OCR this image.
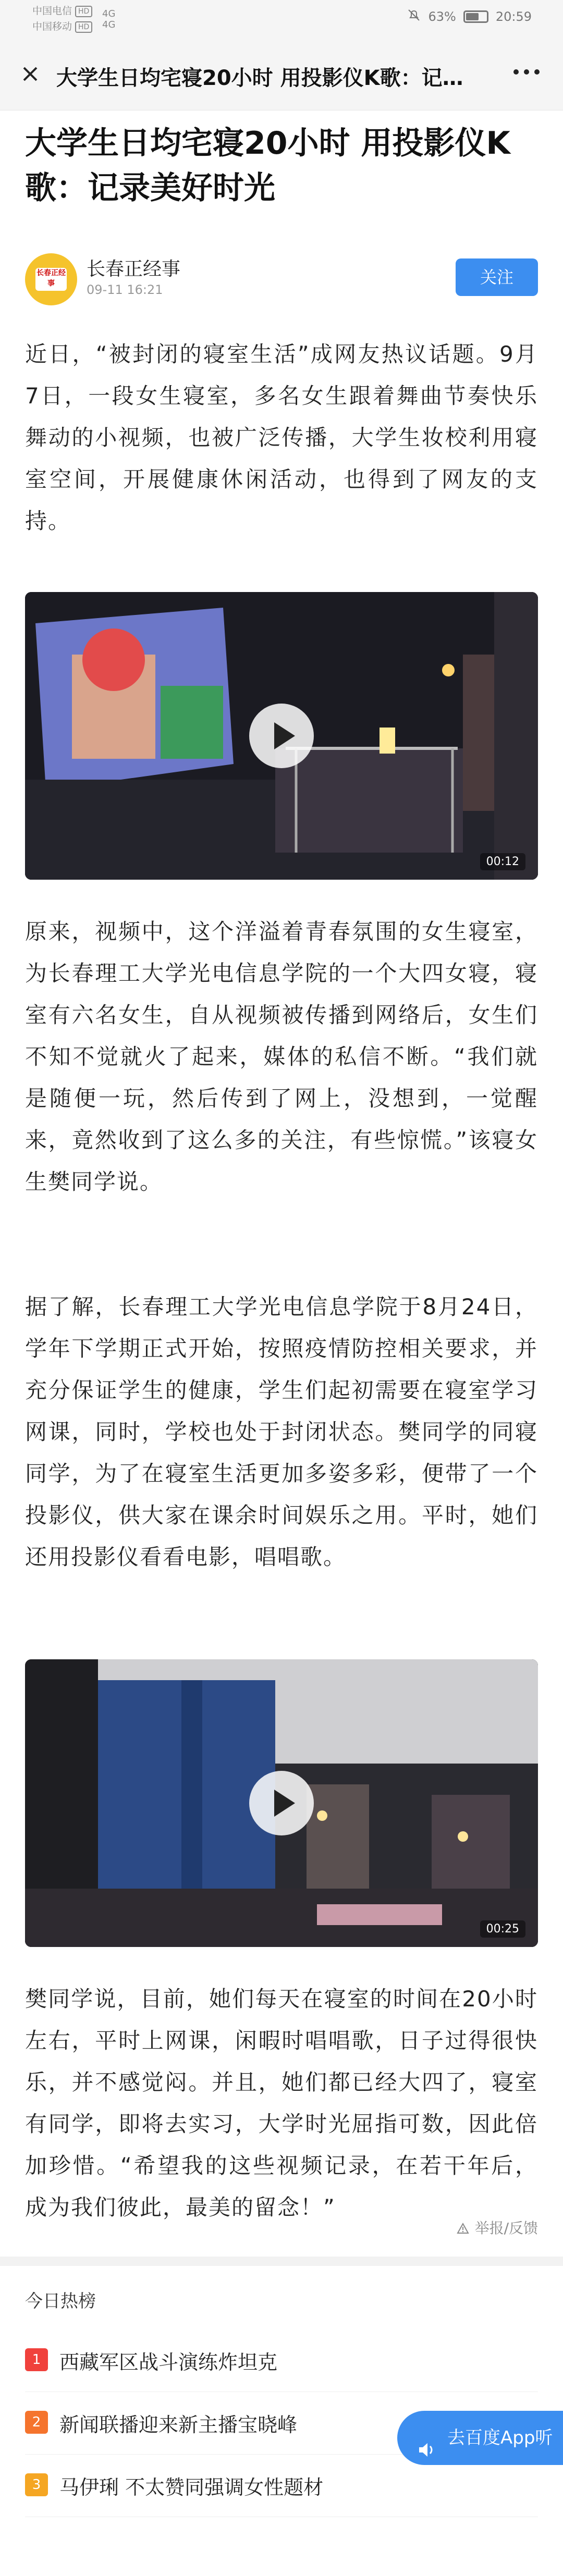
中国电信 HD
中国移动 HD
4G
4G
63%	20:59
大学生日均宅寝20小时 用投影仪K歌：记…
大学生日均宅寝20小时 用投影仪K歌：记录美好时光
长春正经事
长春正经事
09-11 16:21
关注

近日，“被封闭的寝室生活”成网友热议话题。9月7日，一段女生寝室，多名女生跟着舞曲节奏快乐舞动的小视频，也被广泛传播，大学生妆校利用寝室空间，开展健康休闲活动，也得到了网友的支持。

00:12

原来，视频中，这个洋溢着青春氛围的女生寝室，为长春理工大学光电信息学院的一个大四女寝，寝室有六名女生，自从视频被传播到网络后，女生们不知不觉就火了起来，媒体的私信不断。“我们就是随便一玩，然后传到了网上，没想到，一觉醒来，竟然收到了这么多的关注，有些惊慌。”该寝女生樊同学说。

据了解，长春理工大学光电信息学院于8月24日，学年下学期正式开始，按照疫情防控相关要求，并充分保证学生的健康，学生们起初需要在寝室学习网课，同时，学校也处于封闭状态。樊同学的同寝同学，为了在寝室生活更加多姿多彩，便带了一个投影仪，供大家在课余时间娱乐之用。平时，她们还用投影仪看看电影，唱唱歌。

00:25

樊同学说，目前，她们每天在寝室的时间在20小时左右，平时上网课，闲暇时唱唱歌，日子过得很快乐，并不感觉闷。并且，她们都已经大四了，寝室有同学，即将去实习，大学时光屈指可数，因此倍加珍惜。“希望我的这些视频记录，在若干年后，成为我们彼此，最美的留念！”

举报/反馈
今日热榜
1 西藏军区战斗演练炸坦克
2 新闻联播迎来新主播宝晓峰
3 马伊琍 不太赞同强调女性题材
去百度App听
